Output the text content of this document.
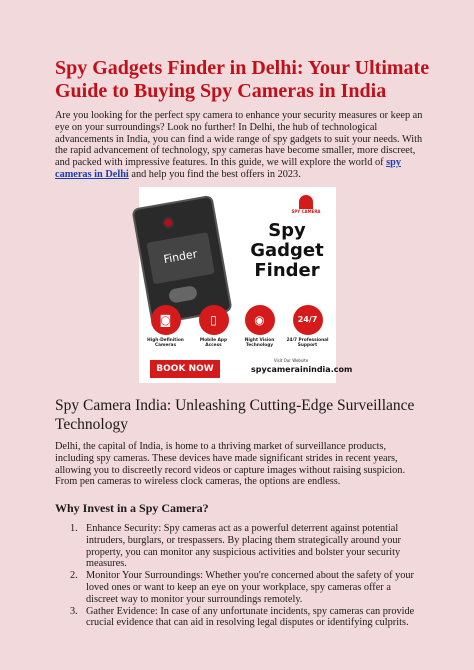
Spy Gadgets Finder in Delhi: Your Ultimate Guide to Buying Spy Cameras in India

Are you looking for the perfect spy camera to enhance your security measures or keep an eye on your surroundings? Look no further! In Delhi, the hub of technological advancements in India, you can find a wide range of spy gadgets to suit your needs. With the rapid advancement of technology, spy cameras have become smaller, more discreet, and packed with impressive features. In this guide, we will explore the world of spy cameras in Delhi and help you find the best offers in 2023.

Finder
SPY CAMERA
Spy Gadget Finder
◙
High-Definition Cameras
▯
Mobile App Access
◉
Night Vision Technology
24/7
24/7 Professional Support
BOOK NOW
Visit Our Website
spycamerainindia.com
Spy Camera India: Unleashing Cutting-Edge Surveillance Technology

Delhi, the capital of India, is home to a thriving market of surveillance products, including spy cameras. These devices have made significant strides in recent years, allowing you to discreetly record videos or capture images without raising suspicion. From pen cameras to wireless clock cameras, the options are endless.

Why Invest in a Spy Camera?
1. Enhance Security: Spy cameras act as a powerful deterrent against potential intruders, burglars, or trespassers. By placing them strategically around your property, you can monitor any suspicious activities and bolster your security measures.
2. Monitor Your Surroundings: Whether you're concerned about the safety of your loved ones or want to keep an eye on your workplace, spy cameras offer a discreet way to monitor your surroundings remotely.
3. Gather Evidence: In case of any unfortunate incidents, spy cameras can provide crucial evidence that can aid in resolving legal disputes or identifying culprits.
